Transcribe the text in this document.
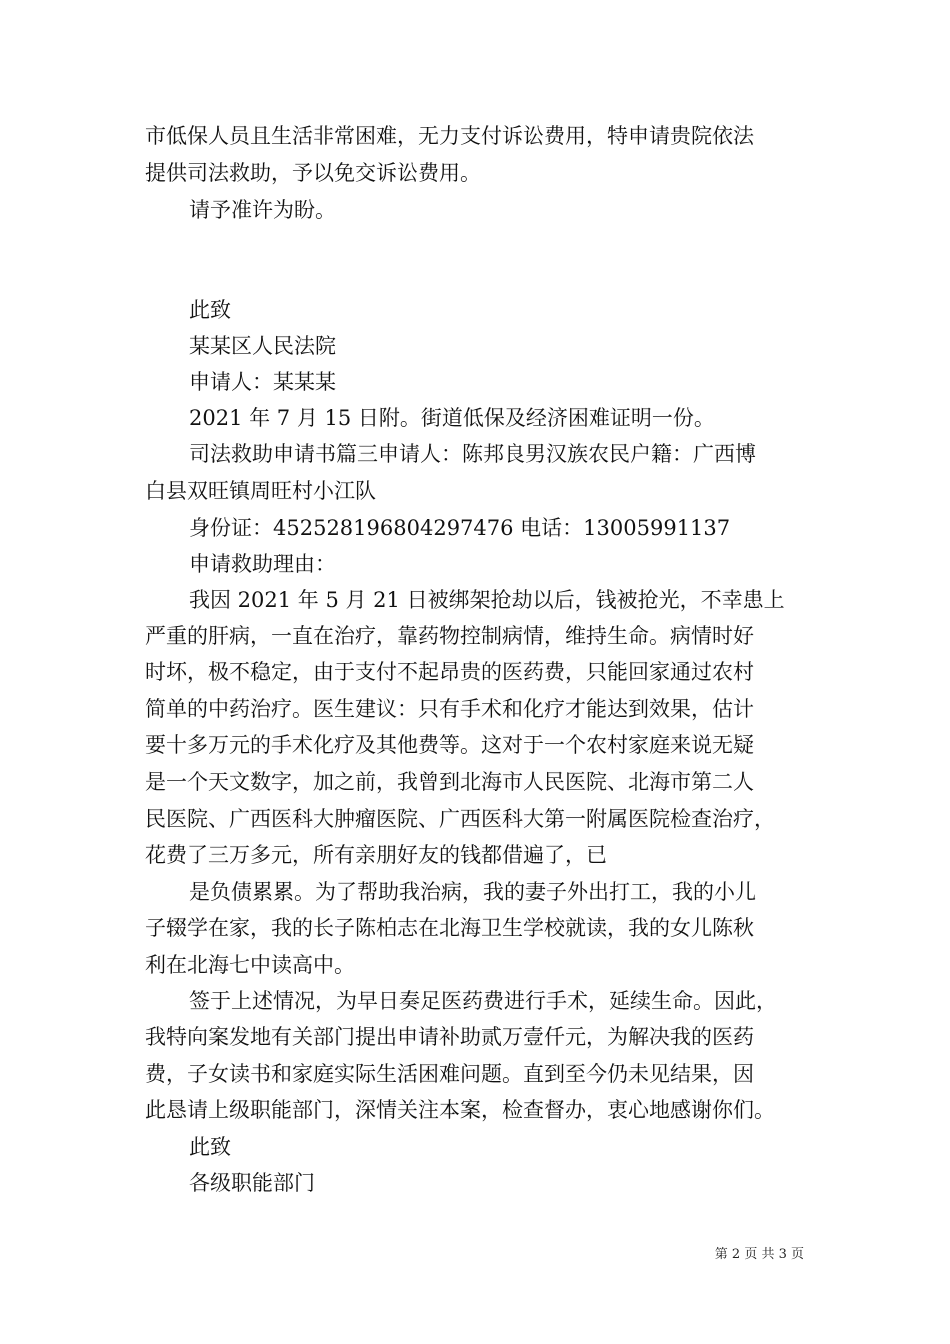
市低保人员且生活非常困难，无力支付诉讼费用，特申请贵院依法
提供司法救助，予以免交诉讼费用。
请予准许为盼。
此致
某某区人民法院
申请人：某某某
2021 年 7 月 15 日附。街道低保及经济困难证明一份。
司法救助申请书篇三申请人：陈邦良男汉族农民户籍：广西博
白县双旺镇周旺村小江队
身份证：452528196804297476 电话：13005991137
申请救助理由：
我因 2021 年 5 月 21 日被绑架抢劫以后，钱被抢光，不幸患上
严重的肝病，一直在治疗，靠药物控制病情，维持生命。病情时好
时坏，极不稳定，由于支付不起昂贵的医药费，只能回家通过农村
简单的中药治疗。医生建议：只有手术和化疗才能达到效果，估计
要十多万元的手术化疗及其他费等。这对于一个农村家庭来说无疑
是一个天文数字，加之前，我曾到北海市人民医院、北海市第二人
民医院、广西医科大肿瘤医院、广西医科大第一附属医院检查治疗，
花费了三万多元，所有亲朋好友的钱都借遍了，已
是负债累累。为了帮助我治病，我的妻子外出打工，我的小儿
子辍学在家，我的长子陈柏志在北海卫生学校就读，我的女儿陈秋
利在北海七中读高中。
签于上述情况，为早日奏足医药费进行手术，延续生命。因此，
我特向案发地有关部门提出申请补助贰万壹仟元，为解决我的医药
费，子女读书和家庭实际生活困难问题。直到至今仍未见结果，因
此恳请上级职能部门，深情关注本案，检查督办，衷心地感谢你们。
此致
各级职能部门
第 2 页 共 3 页
